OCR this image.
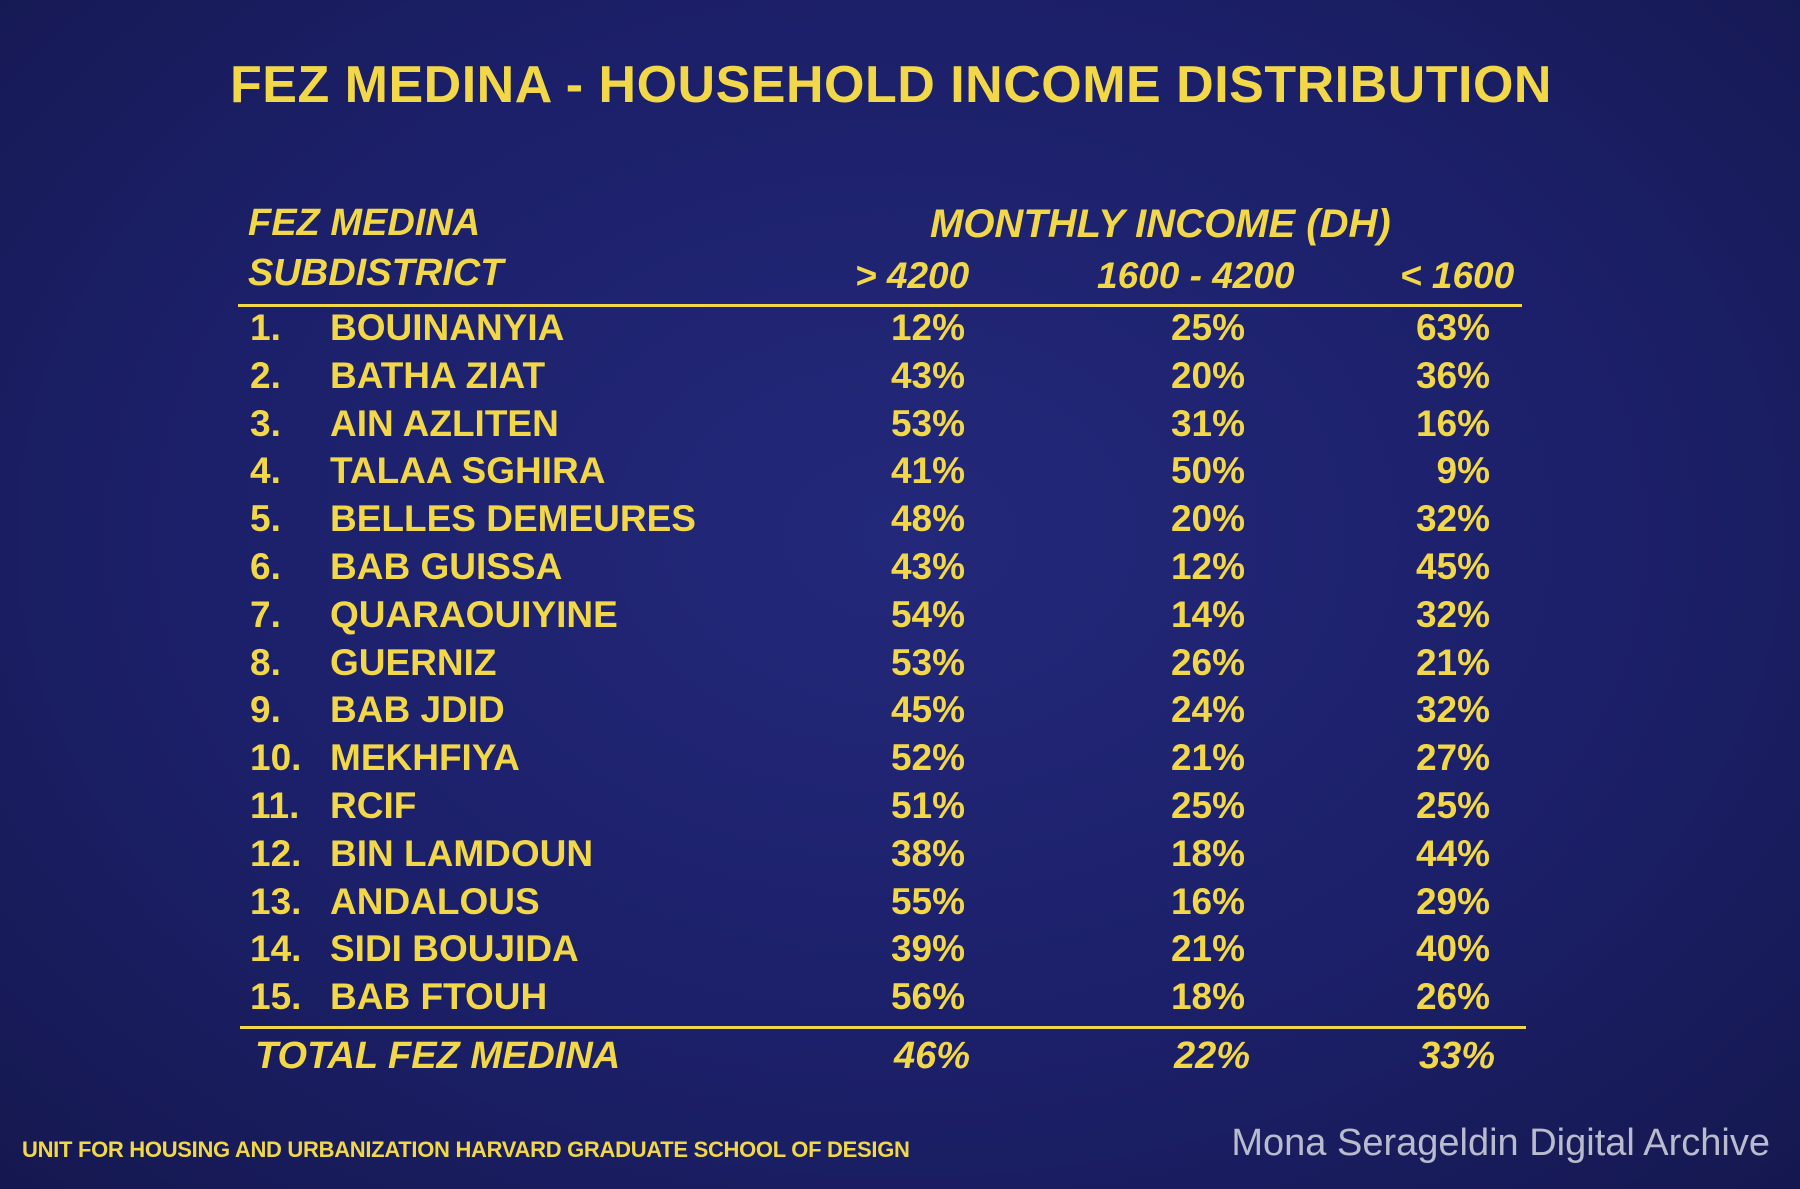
FEZ MEDINA - HOUSEHOLD INCOME DISTRIBUTION
FEZ MEDINA
SUBDISTRICT
MONTHLY INCOME (DH)
> 4200	1600 - 4200	< 1600
1. BOUINANYIA	12%	25%	63%
2. BATHA ZIAT	43%	20%	36%
3. AIN AZLITEN	53%	31%	16%
4. TALAA SGHIRA	41%	50%	9%
5. BELLES DEMEURES	48%	20%	32%
6. BAB GUISSA	43%	12%	45%
7. QUARAOUIYINE	54%	14%	32%
8. GUERNIZ	53%	26%	21%
9. BAB JDID	45%	24%	32%
10. MEKHFIYA	52%	21%	27%
11. RCIF	51%	25%	25%
12. BIN LAMDOUN	38%	18%	44%
13. ANDALOUS	55%	16%	29%
14. SIDI BOUJIDA	39%	21%	40%
15. BAB FTOUH	56%	18%	26%
TOTAL FEZ MEDINA	46%	22%	33%
UNIT FOR HOUSING AND URBANIZATION HARVARD GRADUATE SCHOOL OF DESIGN	Mona Serageldin Digital Archive
